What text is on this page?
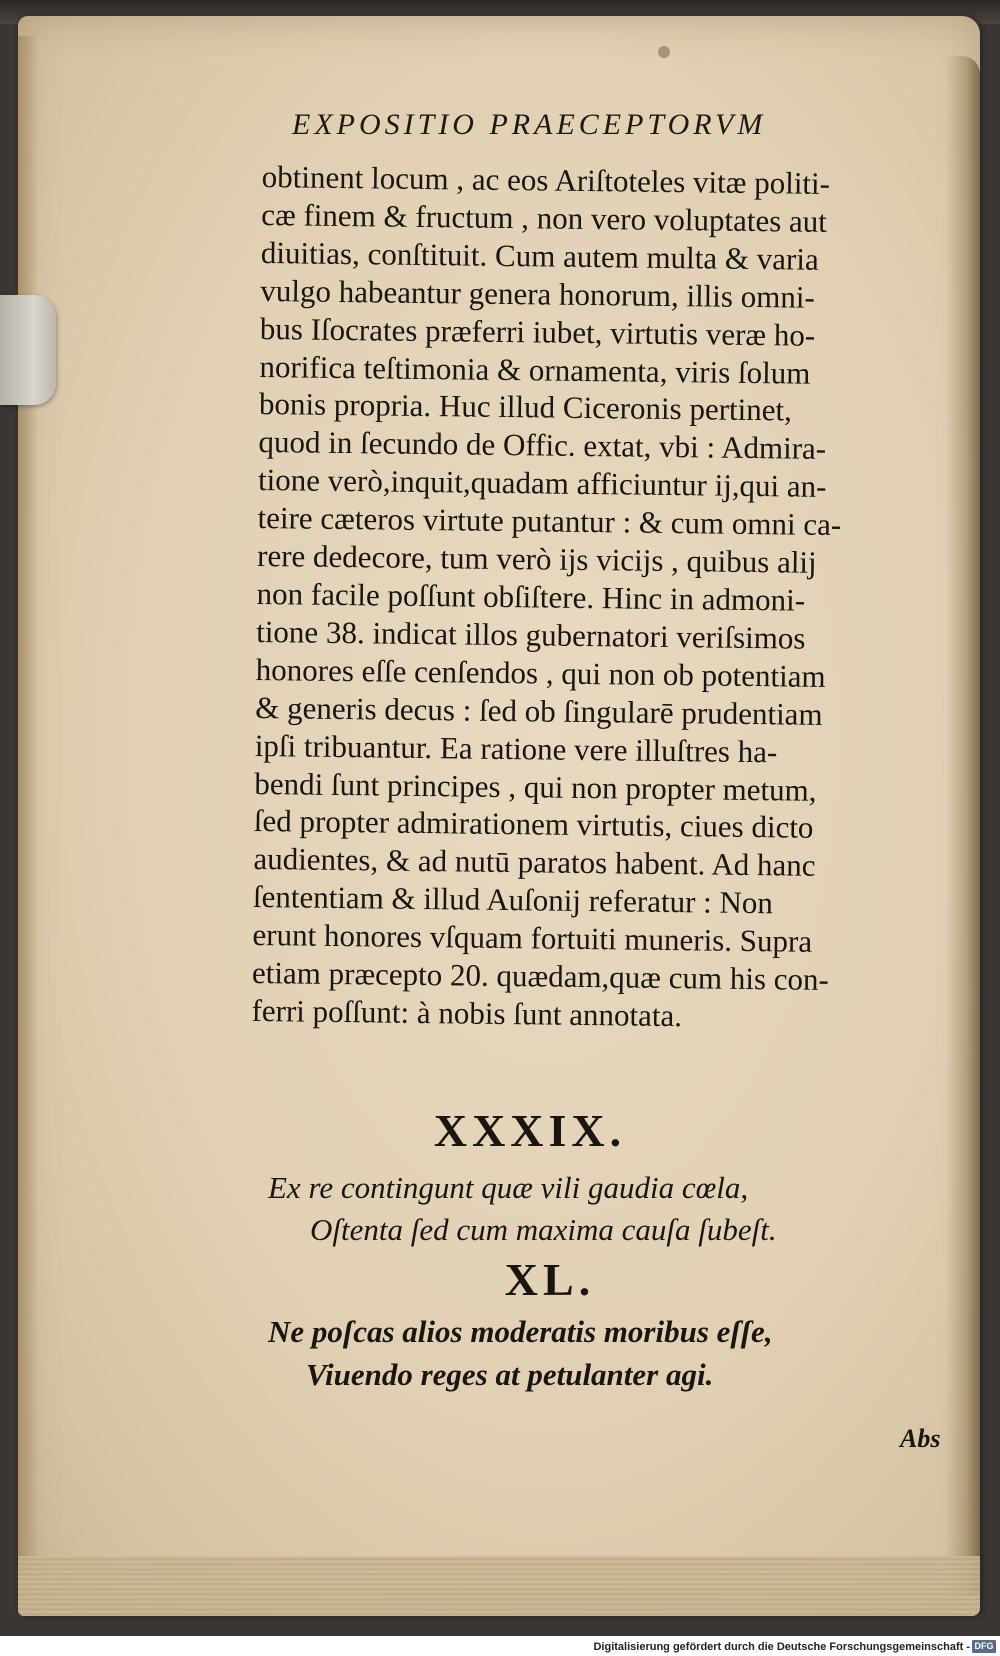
EXPOSITIO PRAECEPTORVM
obtinent locum , ac eos Ariſtoteles vitæ politi-
cæ finem & fructum , non vero voluptates aut
diuitias, conſtituit. Cum autem multa & varia
vulgo habeantur genera honorum, illis omni-
bus Iſocrates præferri iubet, virtutis veræ ho-
norifica teſtimonia & ornamenta, viris ſolum
bonis propria. Huc illud Ciceronis pertinet,
quod in ſecundo de Offic. extat, vbi : Admira-
tione verò,inquit,quadam afficiuntur ij,qui an-
teire cæteros virtute putantur : & cum omni ca-
rere dedecore, tum verò ijs vicijs , quibus alij
non facile poſſunt obſiſtere. Hinc in admoni-
tione 38. indicat illos gubernatori veriſsimos
honores eſſe cenſendos , qui non ob potentiam
& generis decus : ſed ob ſingularē prudentiam
ipſi tribuantur. Ea ratione vere illuſtres ha-
bendi ſunt principes , qui non propter metum,
ſed propter admirationem virtutis, ciues dicto
audientes, & ad nutū paratos habent. Ad hanc
ſententiam & illud Auſonij referatur : Non
erunt honores vſquam fortuiti muneris. Supra
etiam præcepto 20. quædam,quæ cum his con-
ferri poſſunt: à nobis ſunt annotata.
XXXIX.
Ex re contingunt quæ vili gaudia cœla,
Oſtenta ſed cum maxima cauſa ſubeſt.
XL.
Ne poſcas alios moderatis moribus eſſe,
Viuendo reges at petulanter agi.
Abs
Digitalisierung gefördert durch die Deutsche Forschungsgemeinschaft - DFG
